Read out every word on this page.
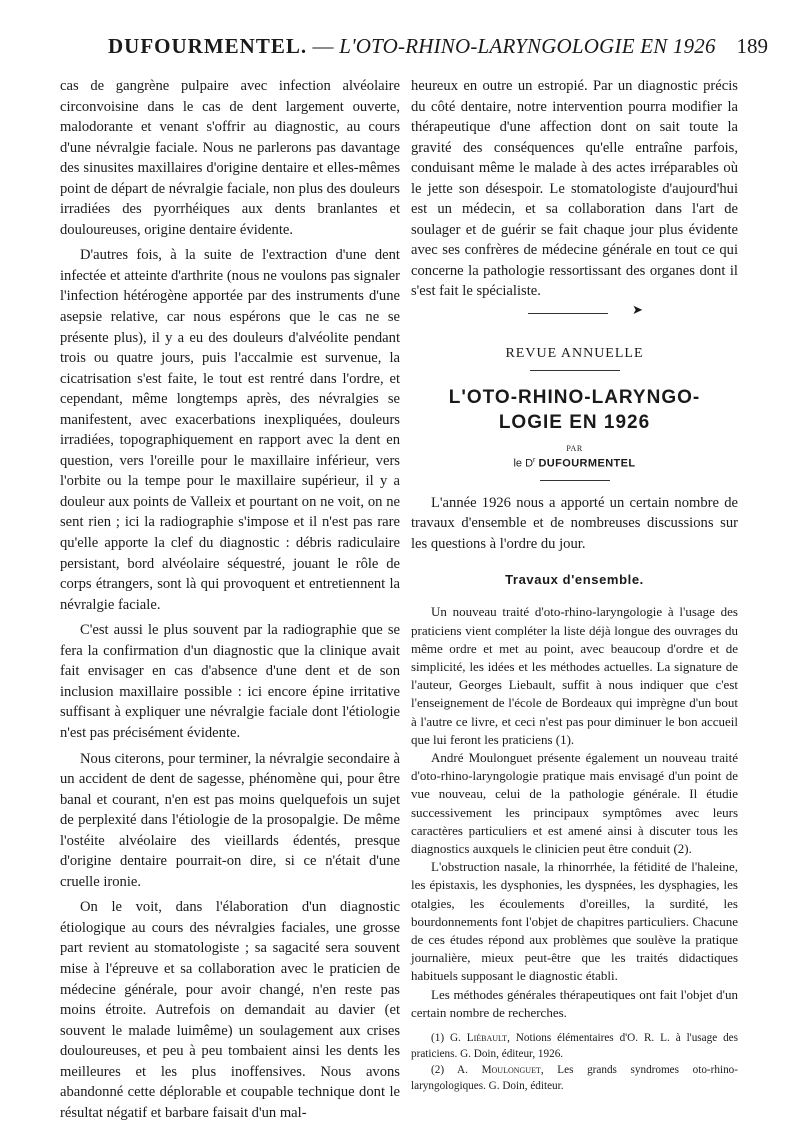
DUFOURMENTEL. — L'OTO-RHINO-LARYNGOLOGIE EN 1926 189

cas de gangrène pulpaire avec infection alvéolaire circonvoisine dans le cas de dent largement ouverte, malodorante et venant s'offrir au diagnostic, au cours d'une névralgie faciale. Nous ne parlerons pas davantage des sinusites maxillaires d'origine dentaire et elles-mêmes point de départ de névralgie faciale, non plus des douleurs irradiées des pyorrhéiques aux dents branlantes et douloureuses, origine dentaire évidente.

D'autres fois, à la suite de l'extraction d'une dent infectée et atteinte d'arthrite (nous ne voulons pas signaler l'infection hétérogène apportée par des instruments d'une asepsie relative, car nous espérons que le cas ne se présente plus), il y a eu des douleurs d'alvéolite pendant trois ou quatre jours, puis l'accalmie est survenue, la cicatrisation s'est faite, le tout est rentré dans l'ordre, et cependant, même longtemps après, des névralgies se manifestent, avec exacerbations inexpliquées, douleurs irradiées, topographiquement en rapport avec la dent en question, vers l'oreille pour le maxillaire inférieur, vers l'orbite ou la tempe pour le maxillaire supérieur, il y a douleur aux points de Valleix et pourtant on ne voit, on ne sent rien ; ici la radiographie s'impose et il n'est pas rare qu'elle apporte la clef du diagnostic : débris radiculaire persistant, bord alvéolaire séquestré, jouant le rôle de corps étrangers, sont là qui provoquent et entretiennent la névralgie faciale.

C'est aussi le plus souvent par la radiographie que se fera la confirmation d'un diagnostic que la clinique avait fait envisager en cas d'absence d'une dent et de son inclusion maxillaire possible : ici encore épine irritative suffisant à expliquer une névralgie faciale dont l'étiologie n'est pas précisément évidente.

Nous citerons, pour terminer, la névralgie secondaire à un accident de dent de sagesse, phénomène qui, pour être banal et courant, n'en est pas moins quelquefois un sujet de perplexité dans l'étiologie de la prosopalgie. De même l'ostéite alvéolaire des vieillards édentés, presque d'origine dentaire pourrait-on dire, si ce n'était d'une cruelle ironie.

On le voit, dans l'élaboration d'un diagnostic étiologique au cours des névralgies faciales, une grosse part revient au stomatologiste ; sa sagacité sera souvent mise à l'épreuve et sa collaboration avec le praticien de médecine générale, pour avoir changé, n'en reste pas moins étroite. Autrefois on demandait au davier (et souvent le malade luimême) un soulagement aux crises douloureuses, et peu à peu tombaient ainsi les dents les meilleures et les plus inoffensives. Nous avons abandonné cette déplorable et coupable technique dont le résultat négatif et barbare faisait d'un mal-

heureux en outre un estropié. Par un diagnostic précis du côté dentaire, notre intervention pourra modifier la thérapeutique d'une affection dont on sait toute la gravité des conséquences qu'elle entraîne parfois, conduisant même le malade à des actes irréparables où le jette son désespoir. Le stomatologiste d'aujourd'hui est un médecin, et sa collaboration dans l'art de soulager et de guérir se fait chaque jour plus évidente avec ses confrères de médecine générale en tout ce qui concerne la pathologie ressortissant des organes dont il s'est fait le spécialiste.

➤
REVUE ANNUELLE
L'OTO-RHINO-LARYNGO-
LOGIE EN 1926
PAR
le $D^r$ DUFOURMENTEL

L'année 1926 nous a apporté un certain nombre de travaux d'ensemble et de nombreuses discussions sur les questions à l'ordre du jour.

Travaux d'ensemble.

Un nouveau traité d'oto-rhino-laryngologie à l'usage des praticiens vient compléter la liste déjà longue des ouvrages du même ordre et met au point, avec beaucoup d'ordre et de simplicité, les idées et les méthodes actuelles. La signature de l'auteur, Georges Liebault, suffit à nous indiquer que c'est l'enseignement de l'école de Bordeaux qui imprègne d'un bout à l'autre ce livre, et ceci n'est pas pour diminuer le bon accueil que lui feront les praticiens (1).

André Moulonguet présente également un nouveau traité d'oto-rhino-laryngologie pratique mais envisagé d'un point de vue nouveau, celui de la pathologie générale. Il étudie successivement les principaux symptômes avec leurs caractères particuliers et est amené ainsi à discuter tous les diagnostics auxquels le clinicien peut être conduit (2).

L'obstruction nasale, la rhinorrhée, la fétidité de l'haleine, les épistaxis, les dysphonies, les dyspnées, les dysphagies, les otalgies, les écoulements d'oreilles, la surdité, les bourdonnements font l'objet de chapitres particuliers. Chacune de ces études répond aux problèmes que soulève la pratique journalière, mieux peut-être que les traités didactiques habituels supposant le diagnostic établi.

Les méthodes générales thérapeutiques ont fait l'objet d'un certain nombre de recherches.

(1) G. Liébault, Notions élémentaires d'O. R. L. à l'usage des praticiens. G. Doin, éditeur, 1926.

(2) A. Moulonguet, Les grands syndromes oto-rhino-laryngologiques. G. Doin, éditeur.
